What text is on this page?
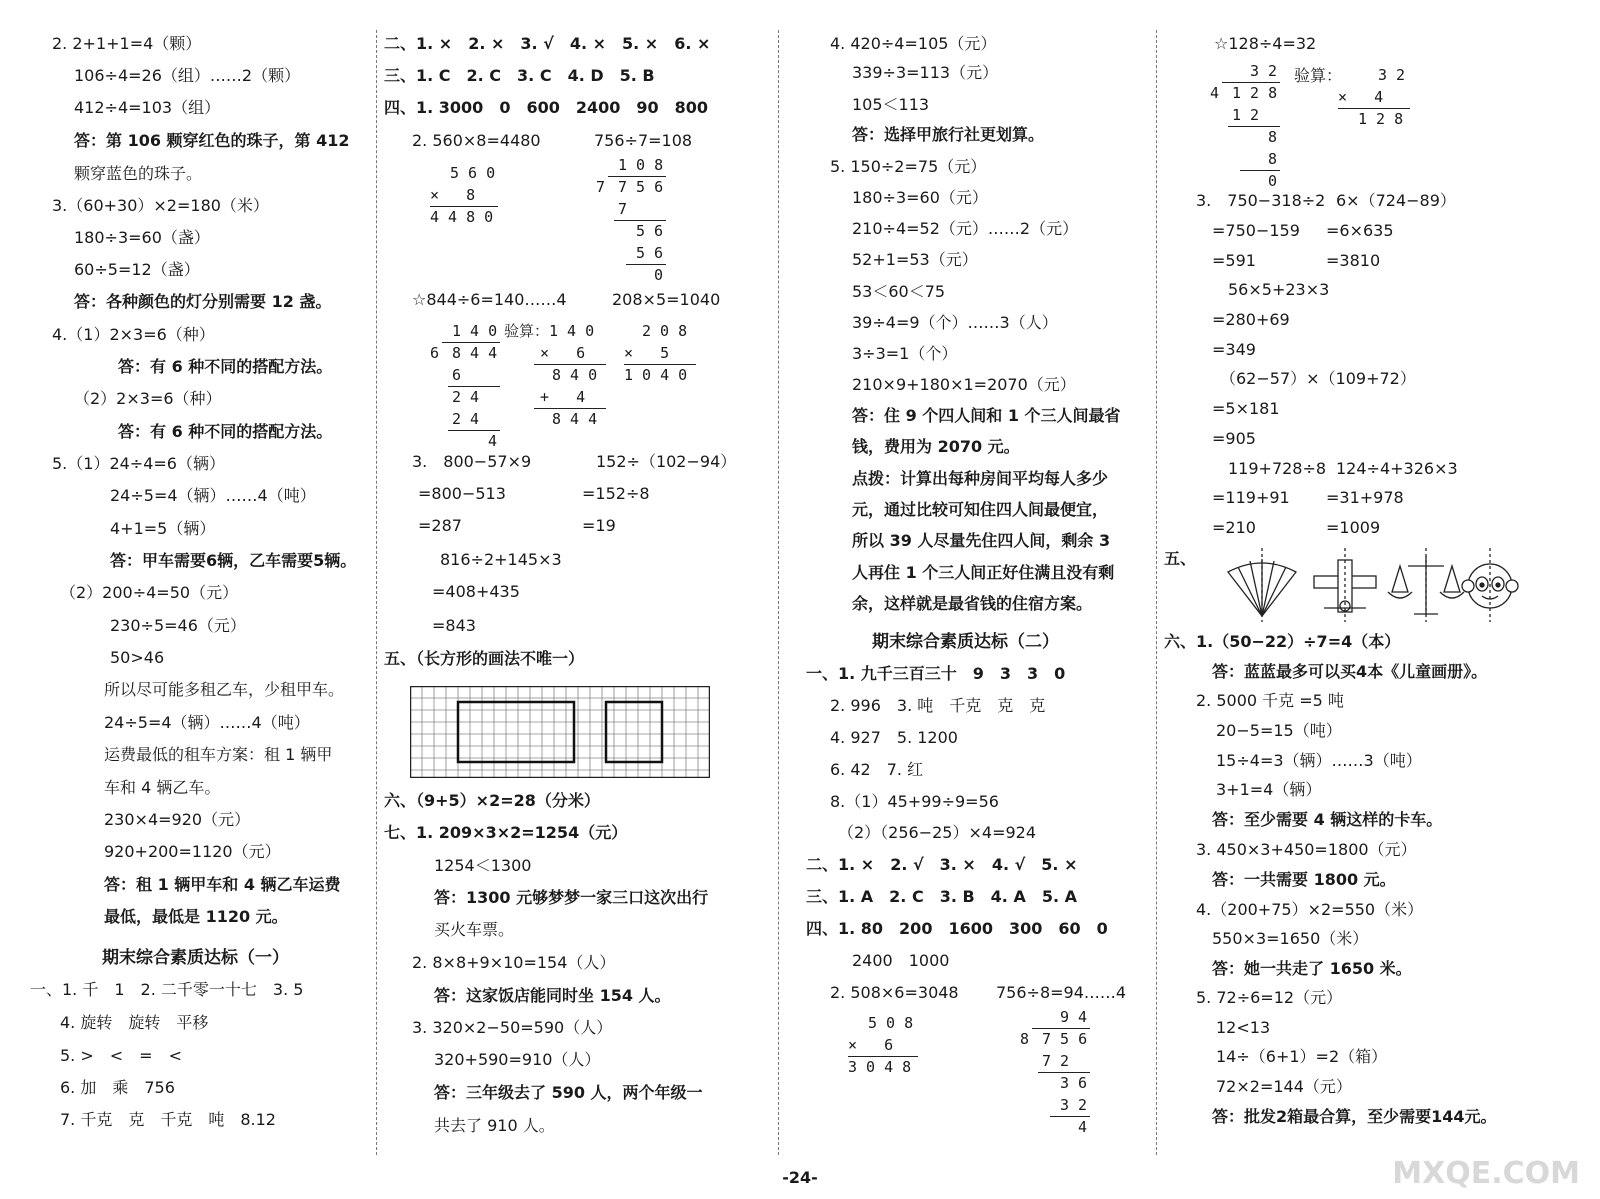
2. 2+1+1=4（颗）
106÷4=26（组）……2（颗）
412÷4=103（组）
答：第 106 颗穿红色的珠子，第 412
颗穿蓝色的珠子。
3.（60+30）×2=180（米）
180÷3=60（盏）
60÷5=12（盏）
答：各种颜色的灯分别需要 12 盏。
4.（1）2×3=6（种）
答：有 6 种不同的搭配方法。
（2）2×3=6（种）
答：有 6 种不同的搭配方法。
5.（1）24÷4=6（辆）
24÷5=4（辆）……4（吨）
4+1=5（辆）
答：甲车需要6辆，乙车需要5辆。
（2）200÷4=50（元）
230÷5=46（元）
50>46
所以尽可能多租乙车，少租甲车。
24÷5=4（辆）……4（吨）
运费最低的租车方案：租 1 辆甲
车和 4 辆乙车。
230×4=920（元）
920+200=1120（元）
答：租 1 辆甲车和 4 辆乙车运费
最低，最低是 1120 元。
期末综合素质达标（一）
一、1. 千　1　2. 二千零一十七　3. 5
4. 旋转　旋转　平移
5. >　<　=　<
6. 加　乘　756
7. 千克　克　千克　吨　8.12
二、1. ×　2. ×　3. √　4. ×　5. ×　6. ×
三、1. C　2. C　3. C　4. D　5. B
四、1. 3000　0　600　2400　90　800
2. 560×8=4480	756÷7=108
5 6 0
×   8
4 4 8 0
1 0 8
7 7 5 6
7
5 6
5 6
0
☆844÷6=140……4	208×5=1040
1 4 0
6 8 4 4
6
2 4
2 4
4
验算：1 4 0
×   6
8 4 0
+   4
8 4 4
2 0 8
×   5
1 0 4 0
3.　800−57×9	152÷（102−94）
=800−513	=152÷8
=287	=19
816÷2+145×3
=408+435
=843
五、（长方形的画法不唯一）
六、（9+5）×2=28（分米）
七、1. 209×3×2=1254（元）
1254＜1300
答：1300 元够梦梦一家三口这次出行
买火车票。
2. 8×8+9×10=154（人）
答：这家饭店能同时坐 154 人。
3. 320×2−50=590（人）
320+590=910（人）
答：三年级去了 590 人，两个年级一
共去了 910 人。
4. 420÷4=105（元）
339÷3=113（元）
105＜113
答：选择甲旅行社更划算。
5. 150÷2=75（元）
180÷3=60（元）
210÷4=52（元）……2（元）
52+1=53（元）
53＜60＜75
39÷4=9（个）……3（人）
3÷3=1（个）
210×9+180×1=2070（元）
答：住 9 个四人间和 1 个三人间最省
钱，费用为 2070 元。
点拨：计算出每种房间平均每人多少
元，通过比较可知住四人间最便宜，
所以 39 人尽量先住四人间，剩余 3
人再住 1 个三人间正好住满且没有剩
余，这样就是最省钱的住宿方案。
期末综合素质达标（二）
一、1. 九千三百三十　9　3　3　0
2. 996　3. 吨　千克　克　克
4. 927　5. 1200
6. 42　7. 红
8.（1）45+99÷9=56
（2）（256−25）×4=924
二、1. ×　2. √　3. ×　4. √　5. ×
三、1. A　2. C　3. B　4. A　5. A
四、1. 80　200　1600　300　60　0
2400　1000
2. 508×6=3048 756÷8=94……4
5 0 8
×   6
3 0 4 8
9 4
8 7 5 6
7 2
3 6
3 2
4
☆128÷4=32
3 2
4 1 2 8
1 2
8
8
0
验算： 3 2
×   4
1 2 8
3.　750−318÷2 6×（724−89）
=750−159 =6×635
=591	=3810
56×5+23×3
=280+69
=349
（62−57）×（109+72）
=5×181
=905
119+728÷8 124÷4+326×3
=119+91 =31+978
=210	=1009
五、
六、1.（50−22）÷7=4（本）
答：蓝蓝最多可以买4本《儿童画册》。
2. 5000 千克 =5 吨
20−5=15（吨）
15÷4=3（辆）……3（吨）
3+1=4（辆）
答：至少需要 4 辆这样的卡车。
3. 450×3+450=1800（元）
答：一共需要 1800 元。
4.（200+75）×2=550（米）
550×3=1650（米）
答：她一共走了 1650 米。
5. 72÷6=12（元）
12<13
14÷（6+1）=2（箱）
72×2=144（元）
答：批发2箱最合算，至少需要144元。
-24-	MXQE.COM
